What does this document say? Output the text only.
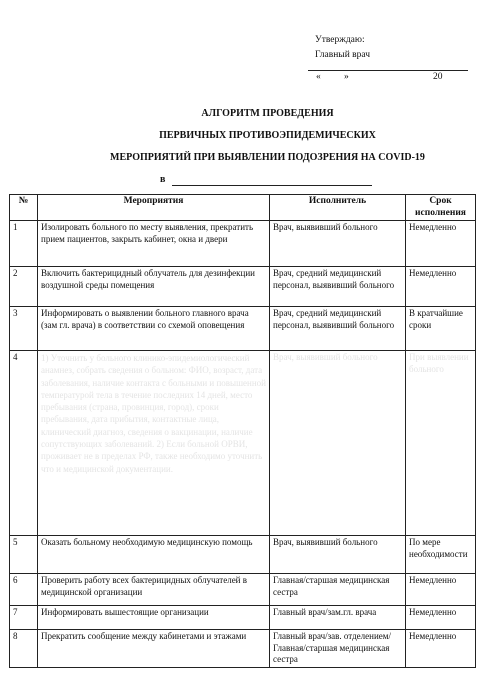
Утверждаю:
Главный врач
« »	20
АЛГОРИТМ ПРОВЕДЕНИЯ
ПЕРВИЧНЫХ ПРОТИВОЭПИДЕМИЧЕСКИХ
МЕРОПРИЯТИЙ ПРИ ВЫЯВЛЕНИИ ПОДОЗРЕНИЯ НА COVID-19
в
№	Мероприятия	Исполнитель	Срок исполнения
1	Изолировать больного по месту выявления, прекратить прием пациентов, закрыть кабинет, окна и двери	Врач, выявивший больного	Немедленно
2	Включить бактерицидный облучатель для дезинфекции воздушной среды помещения	Врач, средний медицинский персонал, выявивший больного	Немедленно
3	Информировать о выявлении больного главного врача (зам гл. врача) в соответствии со схемой оповещения	Врач, средний медицинский персонал, выявивший больного	В кратчайшие сроки
4	1) Уточнить у больного клинико-эпидемиологический анамнез, собрать сведения о больном: ФИО, возраст, дата заболевания, наличие контакта с больными и повышенной температурой тела в течение последних 14 дней, место пребывания (страна, провинция, город), сроки пребывания, дата прибытия, контактные лица, клинический диагноз, сведения о вакцинации, наличие сопутствующих заболеваний. 2) Если больной ОРВИ, проживает не в пределах РФ, также необходимо уточнить что и медицинской документации.	Врач, выявивший больного	При выявлении больного
5	Оказать больному необходимую медицинскую помощь	Врач, выявивший больного	По мере необходимости
6	Проверить работу всех бактерицидных облучателей в медицинской организации	Главная/старшая медицинская сестра	Немедленно
7	Информировать вышестоящие организации	Главный врач/зам.гл. врача	Немедленно
8	Прекратить сообщение между кабинетами и этажами	Главный врач/зав. отделением/Главная/старшая медицинская сестра	Немедленно
